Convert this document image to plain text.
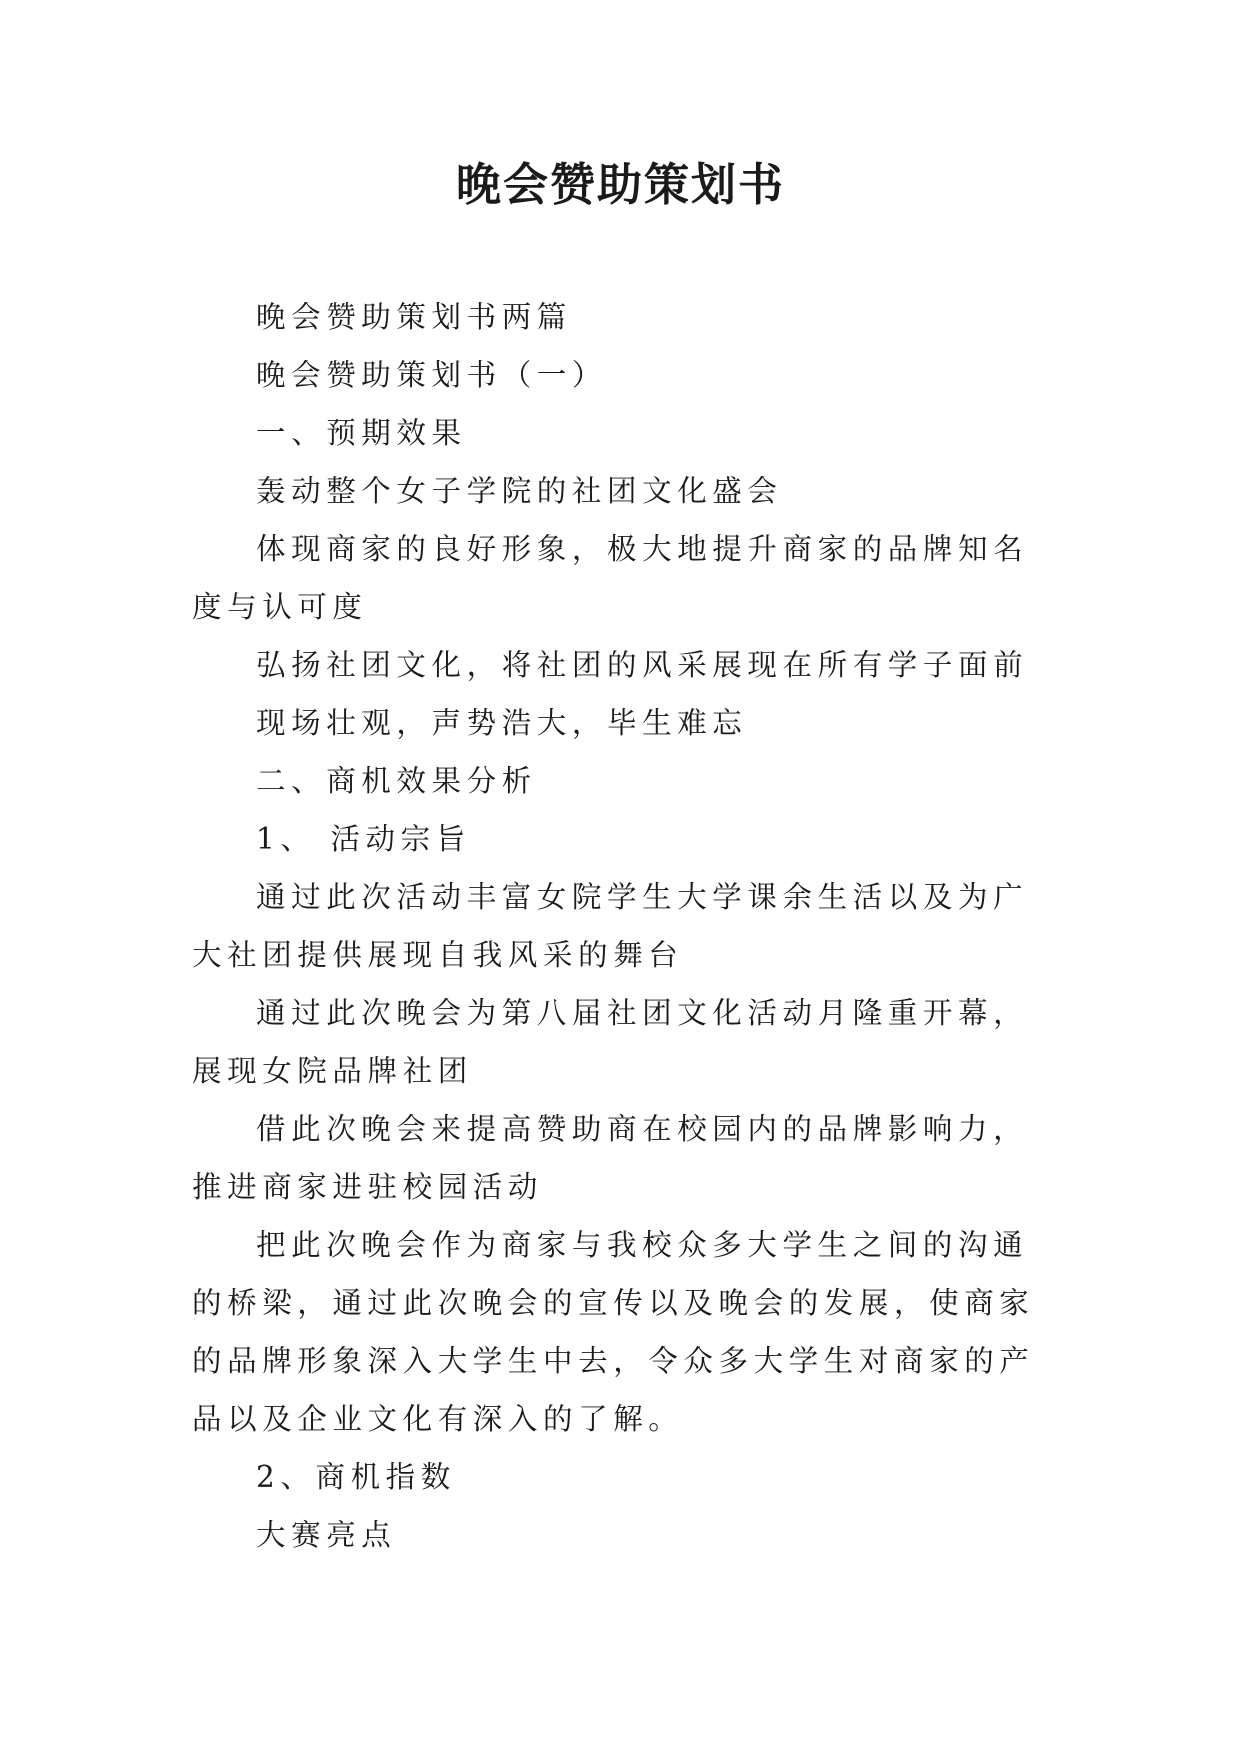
晚会赞助策划书

晚会赞助策划书两篇

晚会赞助策划书（一）

一、预期效果

轰动整个女子学院的社团文化盛会

体现商家的良好形象，极大地提升商家的品牌知名度与认可度

弘扬社团文化，将社团的风采展现在所有学子面前

现场壮观，声势浩大，毕生难忘

二、商机效果分析

1、 活动宗旨

通过此次活动丰富女院学生大学课余生活以及为广大社团提供展现自我风采的舞台

通过此次晚会为第八届社团文化活动月隆重开幕，展现女院品牌社团

借此次晚会来提高赞助商在校园内的品牌影响力，推进商家进驻校园活动

把此次晚会作为商家与我校众多大学生之间的沟通的桥梁，通过此次晚会的宣传以及晚会的发展，使商家的品牌形象深入大学生中去，令众多大学生对商家的产品以及企业文化有深入的了解。

2、商机指数

大赛亮点
